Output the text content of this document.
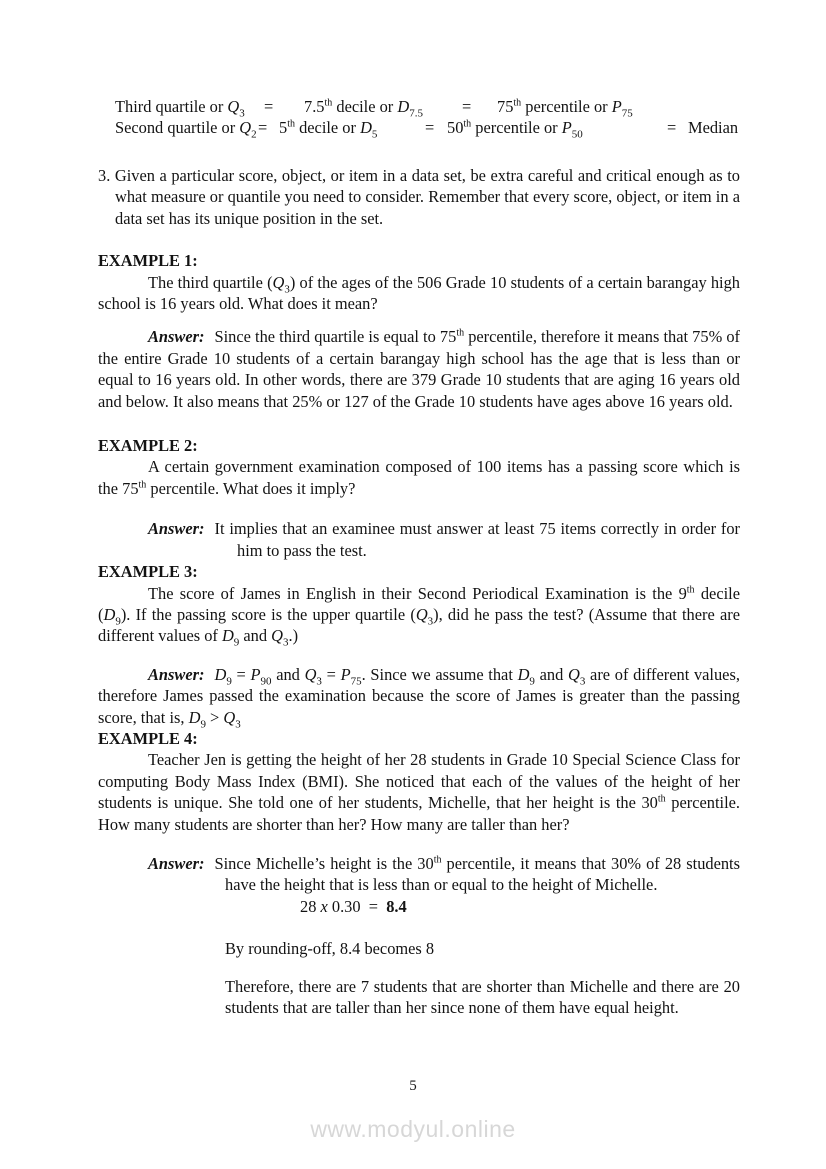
Third quartile or $Q_3 = 7.5th$ decile or $D_{7.5} = 75th$ percentile or $P_{75}$
Second quartile or $Q_2 = 5th$ decile or $D_5$	= 50th percentile or $P_{50}$	= Median

3. Given a particular score, object, or item in a data set, be extra careful and critical enough as to what measure or quantile you need to consider. Remember that every score, object, or item in a data set has its unique position in the set.

EXAMPLE 1:

The third quartile $(Q_3)$ of the ages of the 506 Grade 10 students of a certain barangay high school is 16 years old. What does it mean?

Answer: Since the third quartile is equal to 75th percentile, therefore it means that 75% of the entire Grade 10 students of a certain barangay high school has the age that is less than or equal to 16 years old. In other words, there are 379 Grade 10 students that are aging 16 years old and below. It also means that 25% or 127 of the Grade 10 students have ages above 16 years old.

EXAMPLE 2:

A certain government examination composed of 100 items has a passing score which is the 75th percentile. What does it imply?

Answer: It implies that an examinee must answer at least 75 items correctly in order for him to pass the test.

EXAMPLE 3:

The score of James in English in their Second Periodical Examination is the 9th decile $(D_9)$. If the passing score is the upper quartile $(Q_3)$, did he pass the test? (Assume that there are different values of $D_9$ and $Q_3$.)

Answer: $D_9 = P_{90}$ and $Q_3 = P_{75}$. Since we assume that $D_9$ and $Q_3$ are of different values, therefore James passed the examination because the score of James is greater than the passing score, that is, $D_9 > Q_3$

EXAMPLE 4:

Teacher Jen is getting the height of her 28 students in Grade 10 Special Science Class for computing Body Mass Index (BMI). She noticed that each of the values of the height of her students is unique. She told one of her students, Michelle, that her height is the 30th percentile. How many students are shorter than her? How many are taller than her?

Answer: Since Michelle’s height is the 30th percentile, it means that 30% of 28 students have the height that is less than or equal to the height of Michelle.

28 x 0.30  =  8.4

By rounding-off, 8.4 becomes 8

Therefore, there are 7 students that are shorter than Michelle and there are 20 students that are taller than her since none of them have equal height.

5
www.modyul.online
